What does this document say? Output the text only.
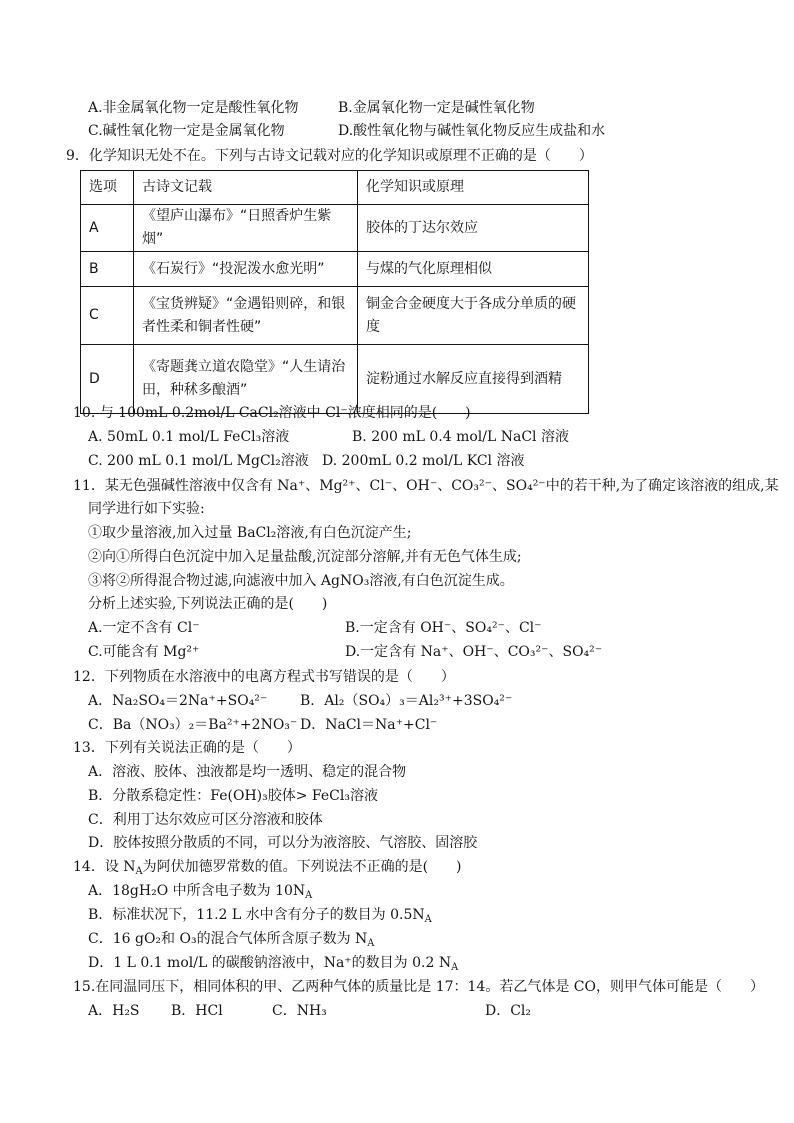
A.非金属氧化物一定是酸性氧化物	B.金属氧化物一定是碱性氧化物
C.碱性氧化物一定是金属氧化物	D.酸性氧化物与碱性氧化物反应生成盐和水
9．化学知识无处不在。下列与古诗文记载对应的化学知识或原理不正确的是（　　）
选项	古诗文记载	化学知识或原理
A	《望庐山瀑布》“日照香炉生紫烟”	胶体的丁达尔效应
B	《石炭行》“投泥泼水愈光明”	与煤的气化原理相似
C	《宝货辨疑》“金遇铅则碎，和银者性柔和铜者性硬”	铜金合金硬度大于各成分单质的硬度
D	《寄题龚立道农隐堂》“人生请治田，种秫多酿酒”	淀粉通过水解反应直接得到酒精
10. 与 100mL 0.2mol/L CaCl₂溶液中 Cl⁻浓度相同的是(　　)
A. 50mL 0.1 mol/L FeCl₃溶液	B. 200 mL 0.4 mol/L NaCl 溶液
C. 200 mL 0.1 mol/L MgCl₂溶液 D. 200mL 0.2 mol/L KCl 溶液
11．某无色强碱性溶液中仅含有 Na⁺、Mg²⁺、Cl⁻、OH⁻、CO₃²⁻、SO₄²⁻中的若干种,为了确定该溶液的组成,某
同学进行如下实验:
①取少量溶液,加入过量 BaCl₂溶液,有白色沉淀产生;
②向①所得白色沉淀中加入足量盐酸,沉淀部分溶解,并有无色气体生成;
③将②所得混合物过滤,向滤液中加入 AgNO₃溶液,有白色沉淀生成。
分析上述实验,下列说法正确的是(　　)
A.一定不含有 Cl⁻	B.一定含有 OH⁻、SO₄²⁻、Cl⁻
C.可能含有 Mg²⁺	D.一定含有 Na⁺、OH⁻、CO₃²⁻、SO₄²⁻
12．下列物质在水溶液中的电离方程式书写错误的是（　　）
A．Na₂SO₄＝2Na⁺+SO₄²⁻ B．Al₂（SO₄）₃＝Al₂³⁺+3SO₄²⁻
C．Ba（NO₃）₂＝Ba²⁺+2NO₃⁻ D．NaCl＝Na⁺+Cl⁻
13．下列有关说法正确的是（　　）
A．溶液、胶体、浊液都是均一透明、稳定的混合物
B．分散系稳定性：Fe(OH)₃胶体> FeCl₃溶液
C．利用丁达尔效应可区分溶液和胶体
D．胶体按照分散质的不同，可以分为液溶胶、气溶胶、固溶胶
14．设 $N_A$为阿伏加德罗常数的值。下列说法不正确的是(　　)
A．18gH₂O 中所含电子数为 $10N_A$
B．标准状况下，11.2 L 水中含有分子的数目为 $0.5N_A$
C．16 gO₂和 O₃的混合气体所含原子数为 $N_A$
D．1 L 0.1 mol/L 的碳酸钠溶液中，Na⁺的数目为 0.2 $N_A$
15.在同温同压下，相同体积的甲、乙两种气体的质量比是 17：14。若乙气体是 CO，则甲气体可能是（　　）
A．H₂S B．HCl	C．NH₃	D．Cl₂
